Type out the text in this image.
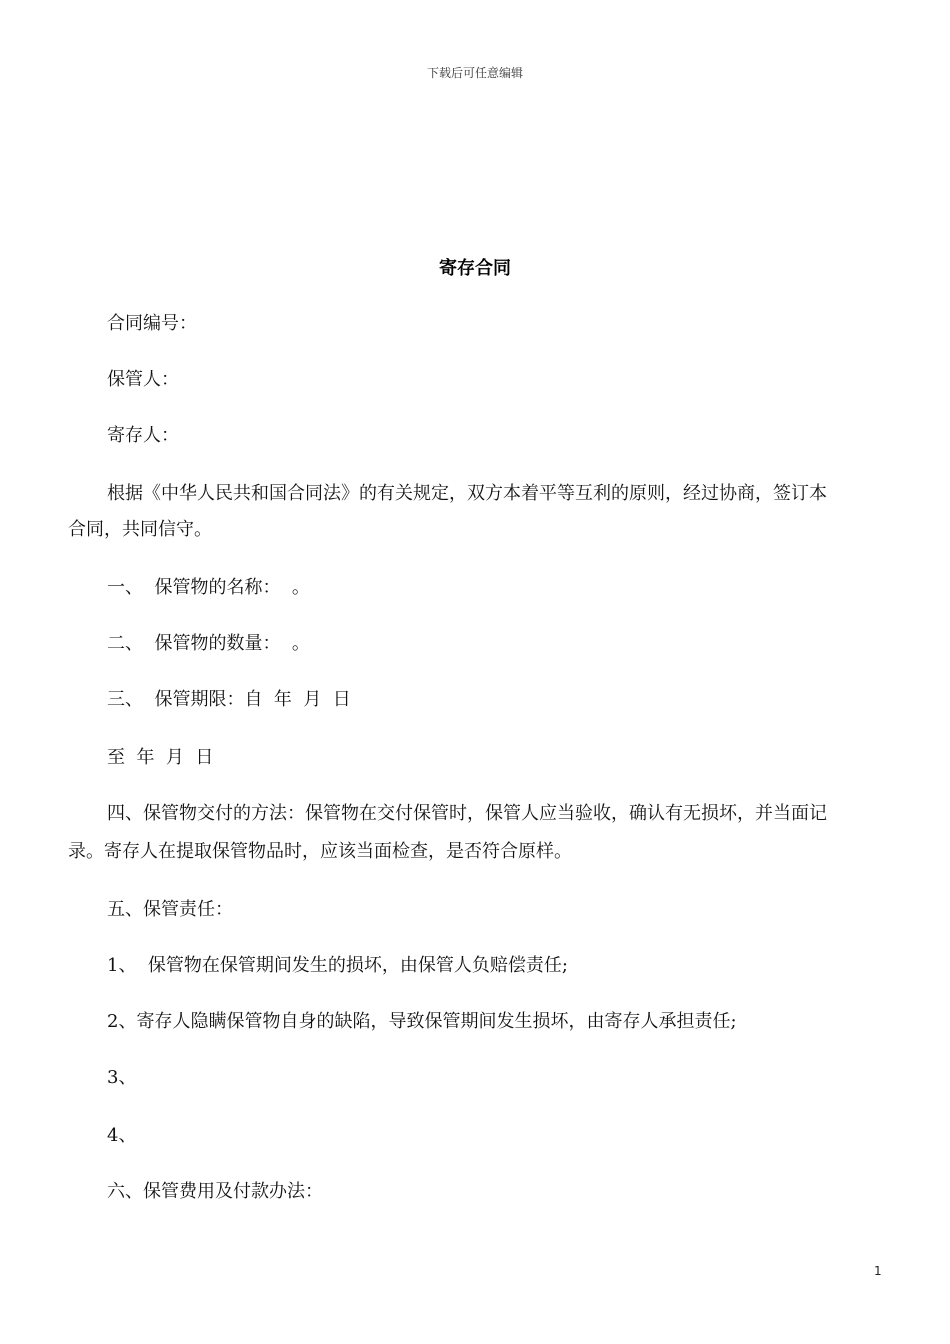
下载后可任意编辑
寄存合同
合同编号：
保管人：
寄存人：
根据《中华人民共和国合同法》的有关规定，双方本着平等互利的原则，经过协商，签订本
合同，共同信守。
一、  保管物的名称：  。
二、  保管物的数量：  。
三、  保管期限：自  年  月  日
至  年  月  日
四、保管物交付的方法：保管物在交付保管时，保管人应当验收，确认有无损坏，并当面记
录。寄存人在提取保管物品时，应该当面检查，是否符合原样。
五、保管责任：
1、  保管物在保管期间发生的损坏，由保管人负赔偿责任;
2、寄存人隐瞒保管物自身的缺陷，导致保管期间发生损坏，由寄存人承担责任;
3、
4、
六、保管费用及付款办法：
1
